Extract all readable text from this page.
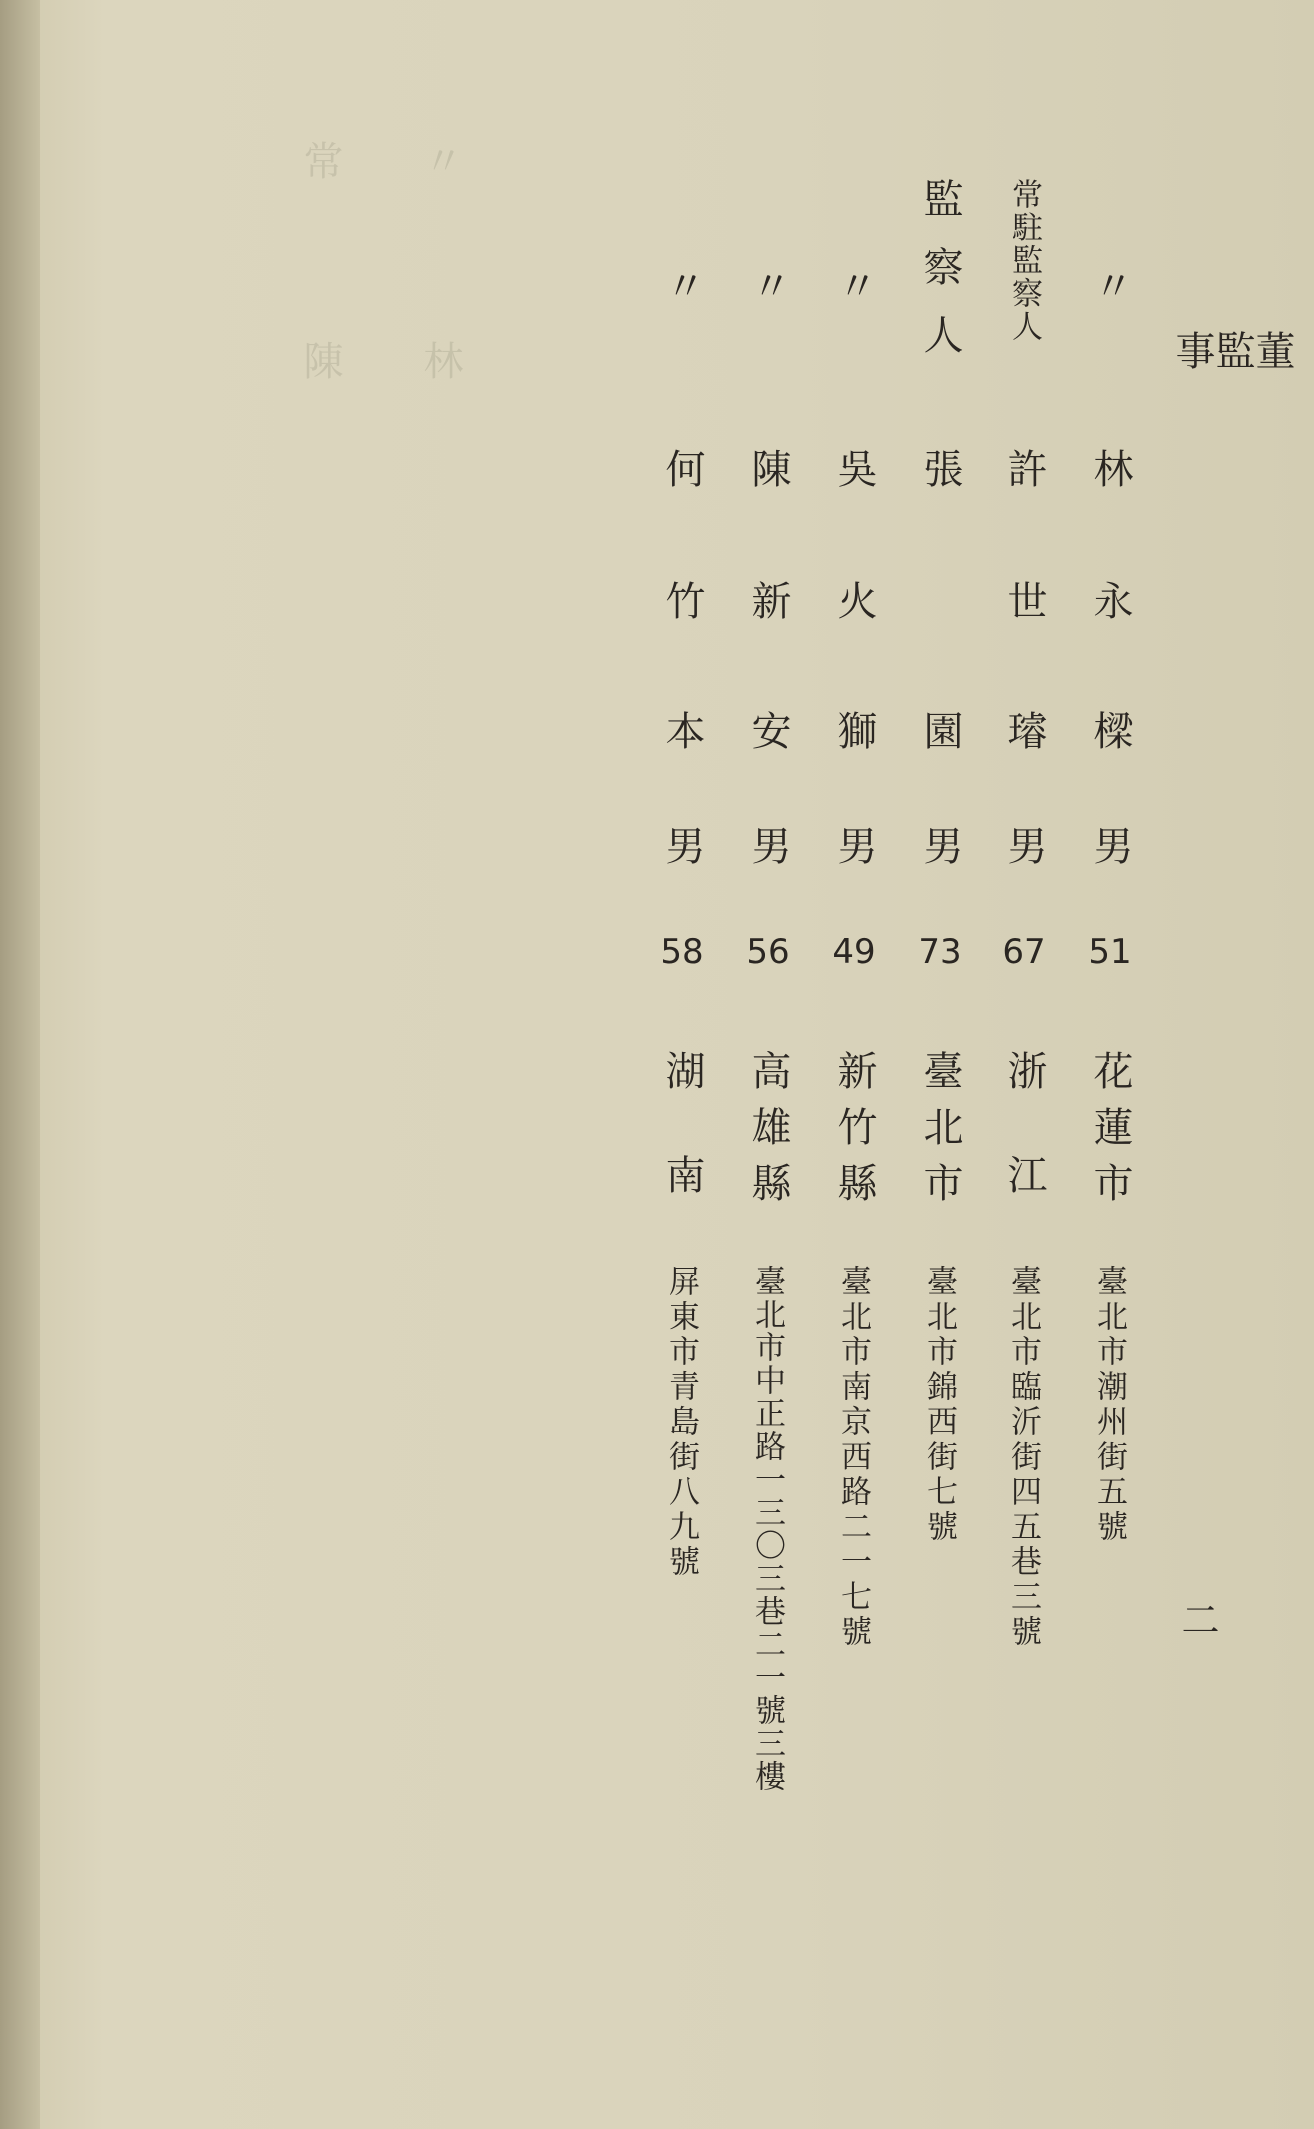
〃　　　　林　　　　　　
常　　　　陳　　　　　　	董
監
事
二
〃
林
永
樑
男
51
花蓮市
臺北市潮州街五號
常駐監察人
許
世
璿
男
67
浙江
臺北市臨沂街四五巷三號
監察人
張
園
男
73
臺北市
臺北市錦西街七號
〃
吳
火
獅
男
49
新竹縣
臺北市南京西路二一七號
〃
陳
新
安
男
56
高雄縣
臺北市中正路一三〇三巷二一號三樓
〃
何
竹
本
男
58
湖南
屏東市青島街八九號
